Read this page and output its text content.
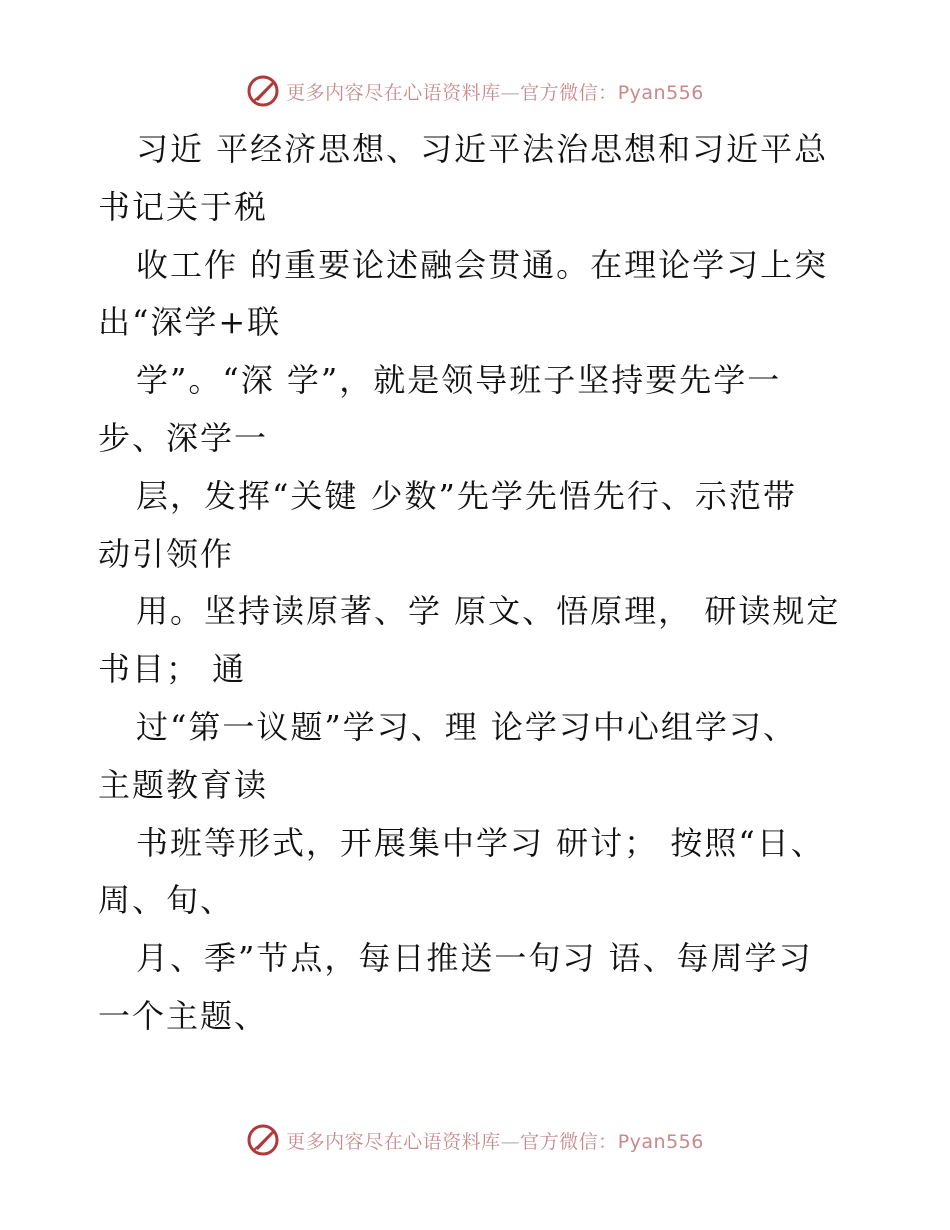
更多内容尽在心语资料库—官方微信：Pyan556
习近 平经济思想、习近平法治思想和习近平总
书记关于税
收工作 的重要论述融会贯通。在理论学习上突
出“深学+联
学”。“深 学”，就是领导班子坚持要先学一
步、深学一
层，发挥“关键 少数”先学先悟先行、示范带
动引领作
用。坚持读原著、学 原文、悟原理， 研读规定
书目； 通
过“第一议题”学习、理 论学习中心组学习、
主题教育读
书班等形式，开展集中学习 研讨； 按照“日、
周、旬、
月、季”节点，每日推送一句习 语、每周学习
一个主题、
更多内容尽在心语资料库—官方微信：Pyan556
